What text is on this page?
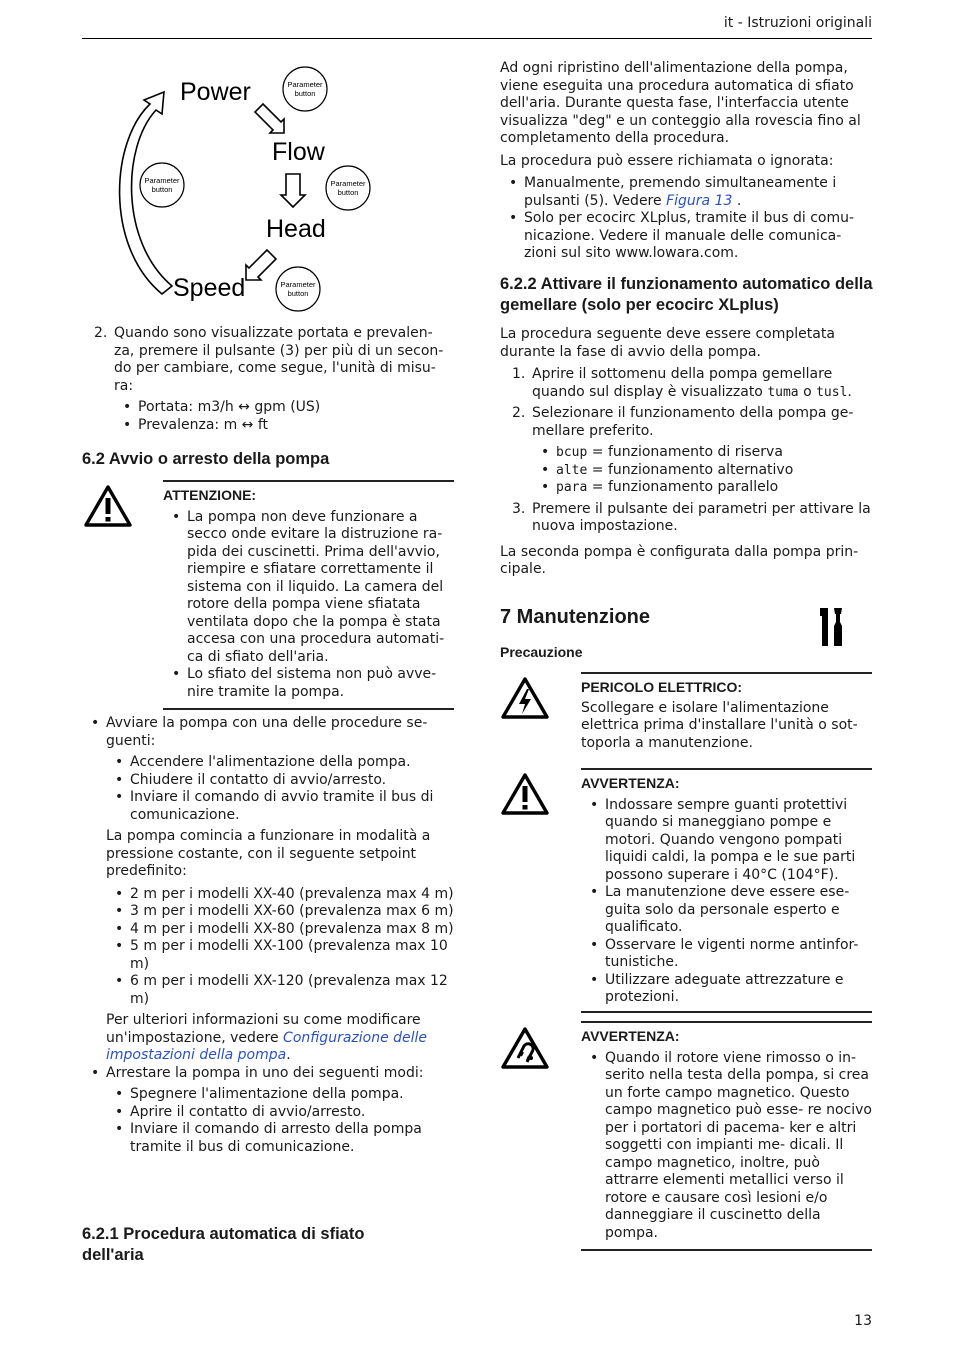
it - Istruzioni originali
Power
Flow
Head
Speed
Parameter
button
Parameter
button
Parameter
button
Parameter
button
2. Quando sono visualizzate portata e prevalen- za, premere il pulsante (3) per più di un secon- do per cambiare, come segue, l'unità di misu- ra:
• Portata: m3/h ↔ gpm (US)
• Prevalenza: m ↔ ft
6.2 Avvio o arresto della pompa
ATTENZIONE:
• La pompa non deve funzionare a secco onde evitare la distruzione ra- pida dei cuscinetti. Prima dell'avvio, riempire e sfiatare correttamente il sistema con il liquido. La camera del rotore della pompa viene sfiatata ventilata dopo che la pompa è stata accesa con una procedura automati- ca di sfiato dell'aria.
• Lo sfiato del sistema non può avve- nire tramite la pompa.
• Avviare la pompa con una delle procedure se- guenti:
• Accendere l'alimentazione della pompa.
• Chiudere il contatto di avvio/arresto.
• Inviare il comando di avvio tramite il bus di comunicazione.

La pompa comincia a funzionare in modalità a pressione costante, con il seguente setpoint predefinito:

• 2 m per i modelli XX-40 (prevalenza max 4 m)
• 3 m per i modelli XX-60 (prevalenza max 6 m)
• 4 m per i modelli XX-80 (prevalenza max 8 m)
• 5 m per i modelli XX-100 (prevalenza max 10 m)
• 6 m per i modelli XX-120 (prevalenza max 12 m)

Per ulteriori informazioni su come modificare un'impostazione, vedere Configurazione delle impostazioni della pompa.

• Arrestare la pompa in uno dei seguenti modi:
• Spegnere l'alimentazione della pompa.
• Aprire il contatto di avvio/arresto.
• Inviare il comando di arresto della pompa tramite il bus di comunicazione.
6.2.1 Procedura automatica di sfiato dell'aria

Ad ogni ripristino dell'alimentazione della pompa, viene eseguita una procedura automatica di sfiato dell'aria. Durante questa fase, l'interfaccia utente visualizza "deg" e un conteggio alla rovescia fino al completamento della procedura.

La procedura può essere richiamata o ignorata:

• Manualmente, premendo simultaneamente i pulsanti (5). Vedere Figura 13 .
• Solo per ecocirc XLplus, tramite il bus di comu- nicazione. Vedere il manuale delle comunica- zioni sul sito www.lowara.com.
6.2.2 Attivare il funzionamento automatico della gemellare (solo per ecocirc XLplus)

La procedura seguente deve essere completata durante la fase di avvio della pompa.

1. Aprire il sottomenu della pompa gemellare quando sul display è visualizzato tuma o tusl.
2. Selezionare il funzionamento della pompa ge- mellare preferito.
• bcup = funzionamento di riserva
• alte = funzionamento alternativo
• para = funzionamento parallelo
3. Premere il pulsante dei parametri per attivare la nuova impostazione.

La seconda pompa è configurata dalla pompa prin- cipale.

7 Manutenzione
Precauzione
PERICOLO ELETTRICO:

Scollegare e isolare l'alimentazione elettrica prima d'installare l'unità o sot- toporla a manutenzione.

AVVERTENZA:
• Indossare sempre guanti protettivi quando si maneggiano pompe e motori. Quando vengono pompati liquidi caldi, la pompa e le sue parti possono superare i 40°C (104°F).
• La manutenzione deve essere ese- guita solo da personale esperto e qualificato.
• Osservare le vigenti norme antinfor- tunistiche.
• Utilizzare adeguate attrezzature e protezioni.
AVVERTENZA:
• Quando il rotore viene rimosso o in- serito nella testa della pompa, si crea un forte campo magnetico. Questo campo magnetico può esse- re nocivo per i portatori di pacema- ker e altri soggetti con impianti me- dicali. Il campo magnetico, inoltre, può attrarre elementi metallici verso il rotore e causare così lesioni e/o danneggiare il cuscinetto della pompa.
13
